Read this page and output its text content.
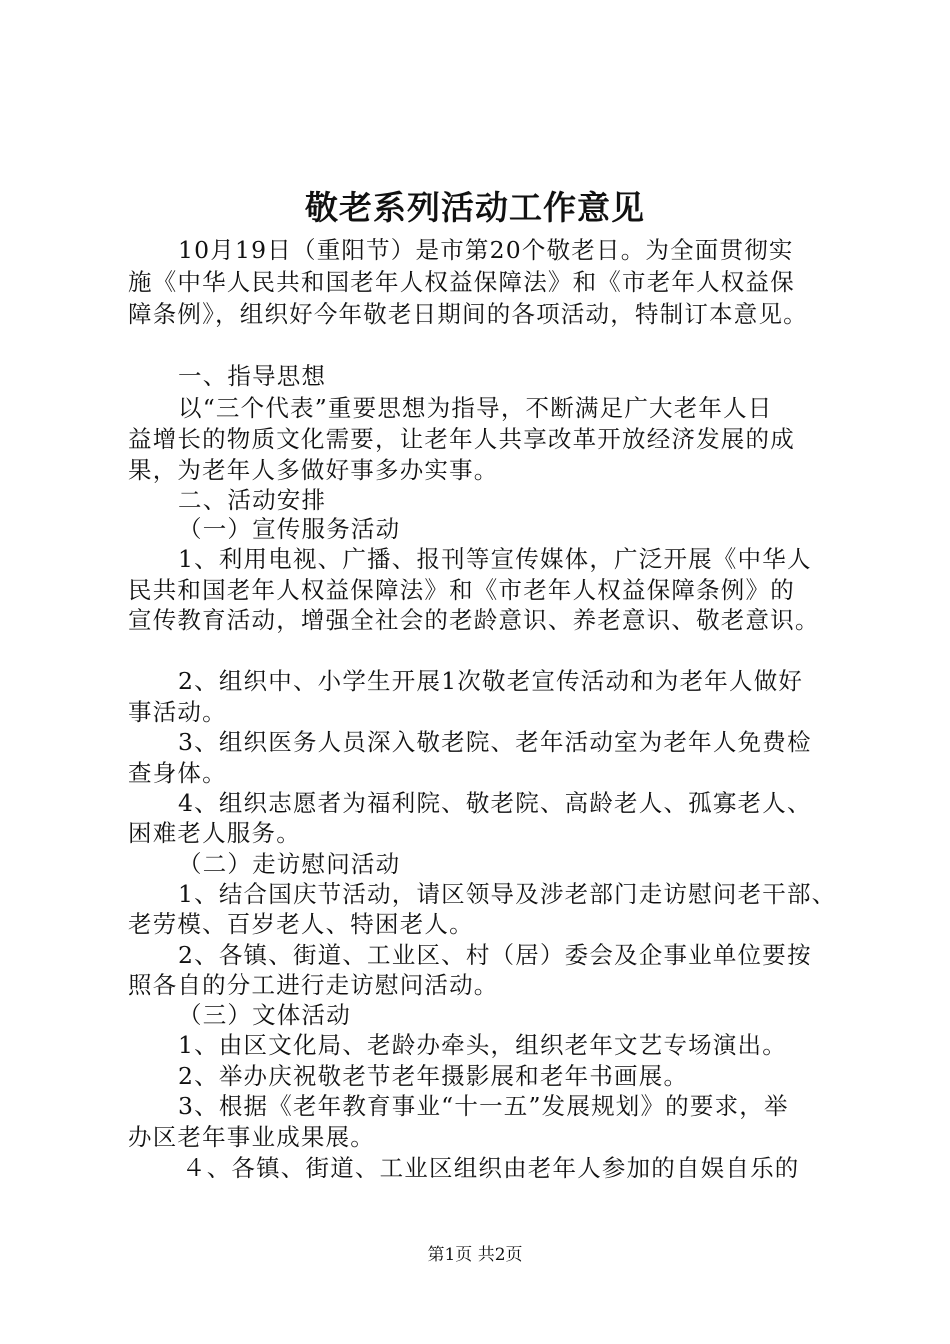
敬老系列活动工作意见
10月19日（重阳节）是市第20个敬老日。为全面贯彻实
施《中华人民共和国老年人权益保障法》和《市老年人权益保
障条例》，组织好今年敬老日期间的各项活动，特制订本意见。
一、指导思想
以“三个代表”重要思想为指导，不断满足广大老年人日
益增长的物质文化需要，让老年人共享改革开放经济发展的成
果，为老年人多做好事多办实事。
二、活动安排
（一）宣传服务活动
1、利用电视、广播、报刊等宣传媒体，广泛开展《中华人
民共和国老年人权益保障法》和《市老年人权益保障条例》的
宣传教育活动，增强全社会的老龄意识、养老意识、敬老意识。
2、组织中、小学生开展1次敬老宣传活动和为老年人做好
事活动。
3、组织医务人员深入敬老院、老年活动室为老年人免费检
查身体。
4、组织志愿者为福利院、敬老院、高龄老人、孤寡老人、
困难老人服务。
（二）走访慰问活动
1、结合国庆节活动，请区领导及涉老部门走访慰问老干部、
老劳模、百岁老人、特困老人。
2、各镇、街道、工业区、村（居）委会及企事业单位要按
照各自的分工进行走访慰问活动。
（三）文体活动
1、由区文化局、老龄办牵头，组织老年文艺专场演出。
2、举办庆祝敬老节老年摄影展和老年书画展。
3、根据《老年教育事业“十一五”发展规划》的要求，举
办区老年事业成果展。
４、各镇、街道、工业区组织由老年人参加的自娱自乐的
第1页 共2页
